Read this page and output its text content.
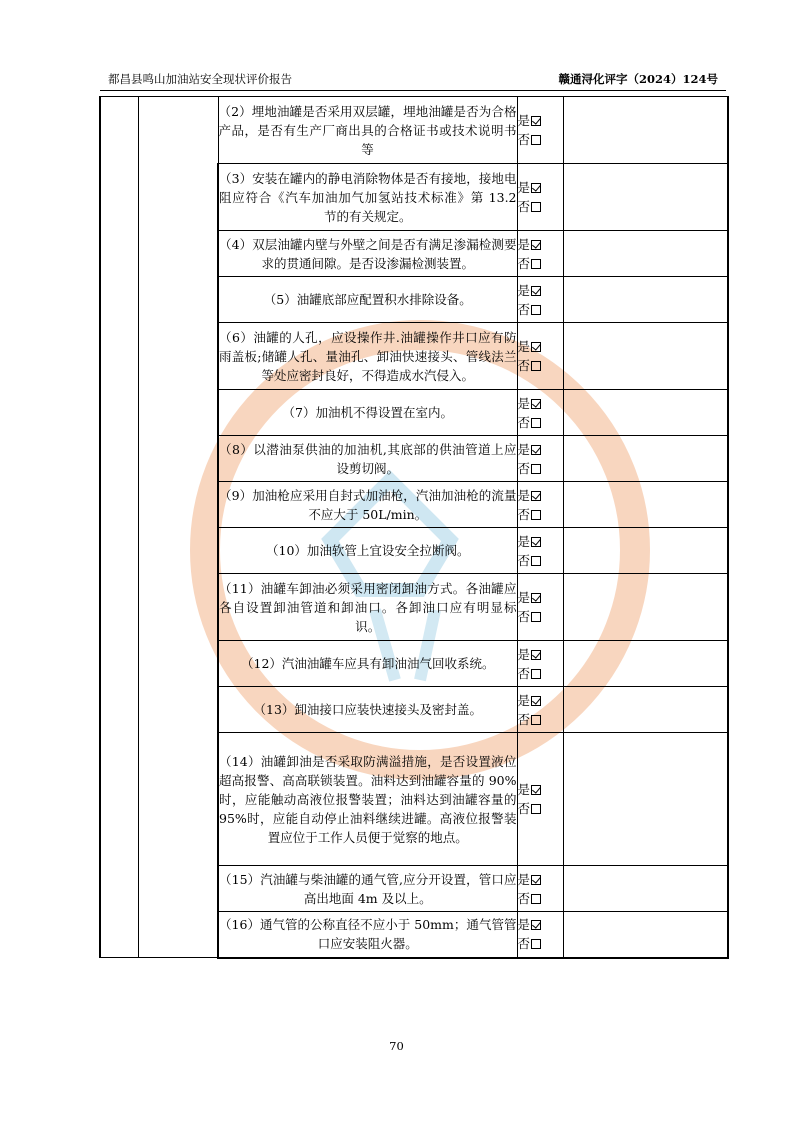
都昌县鸣山加油站安全现状评价报告	赣通浔化评字（2024）124号
		（2）埋地油罐是否采用双层罐，埋地油罐是否为合格产品，是否有生产厂商出具的合格证书或技术说明书等	是
否	

		（3）安装在罐内的静电消除物体是否有接地，接地电阻应符合《汽车加油加气加氢站技术标准》第 13.2 节的有关规定。	是
否	

		（4）双层油罐内壁与外壁之间是否有满足渗漏检测要求的贯通间隙。是否设渗漏检测装置。	是
否	

		（5）油罐底部应配置积水排除设备。	是
否	

		（6）油罐的人孔，应设操作井.油罐操作井口应有防雨盖板;储罐人孔、量油孔、卸油快速接头、管线法兰等处应密封良好，不得造成水汽侵入。	是
否	

		（7）加油机不得设置在室内。	是
否	

		（8）以潜油泵供油的加油机,其底部的供油管道上应设剪切阀。	是
否	

		（9）加油枪应采用自封式加油枪，汽油加油枪的流量不应大于 50L/min。	是
否	

		（10）加油软管上宜设安全拉断阀。	是
否	

		（11）油罐车卸油必须采用密闭卸油方式。各油罐应各自设置卸油管道和卸油口。各卸油口应有明显标识。	是
否	

		（12）汽油油罐车应具有卸油油气回收系统。	是
否	

		（13）卸油接口应装快速接头及密封盖。	是
否	

		（14）油罐卸油是否采取防满溢措施，是否设置液位超高报警、高高联锁装置。油料达到油罐容量的 90%时，应能触动高液位报警装置；油料达到油罐容量的 95%时，应能自动停止油料继续进罐。高液位报警装置应位于工作人员便于觉察的地点。	是
否	

		（15）汽油罐与柴油罐的通气管,应分开设置，管口应高出地面 4m 及以上。	是
否	

		（16）通气管的公称直径不应小于 50mm；通气管管口应安装阻火器。	是
否	

70
